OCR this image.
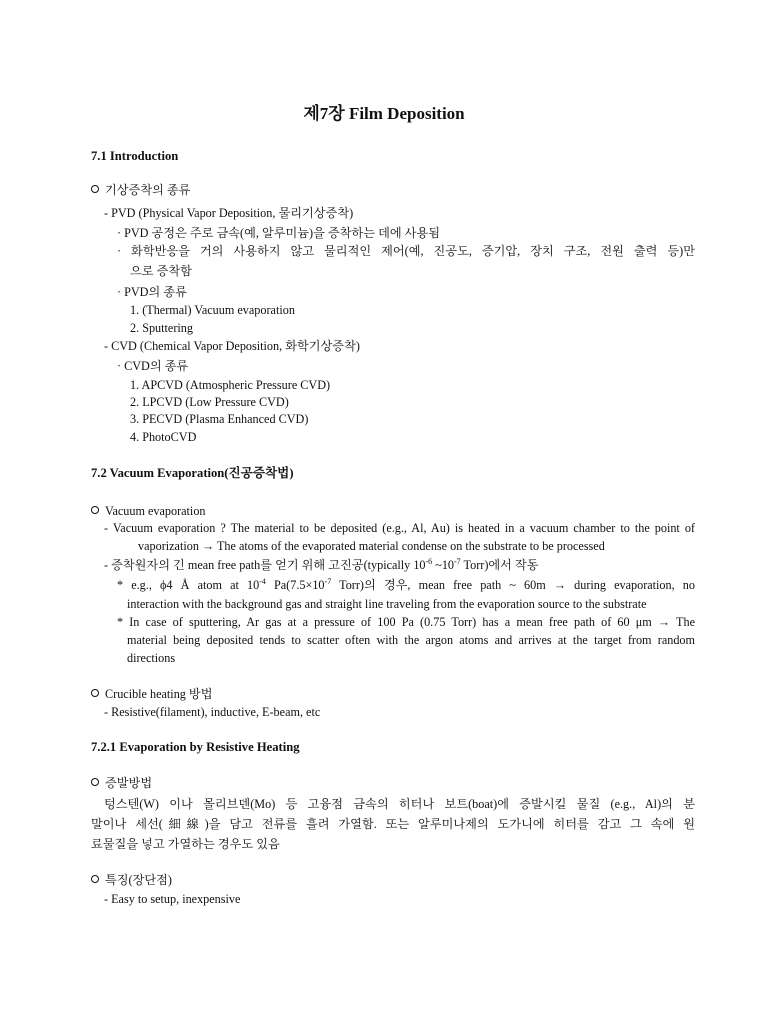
제7장 Film Deposition
7.1 Introduction
기상증착의 종류
- PVD (Physical Vapor Deposition, 물리기상증착)
· PVD 공정은 주로 금속(예, 알루미늄)을 증착하는 데에 사용됨
· 화학반응을 거의 사용하지 않고 물리적인 제어(예, 진공도, 증기압, 장치 구조, 전원 출력 등)만
으로 증착함
· PVD의 종류
1. (Thermal) Vacuum evaporation
2. Sputtering
- CVD (Chemical Vapor Deposition, 화학기상증착)
· CVD의 종류
1. APCVD (Atmospheric Pressure CVD)
2. LPCVD (Low Pressure CVD)
3. PECVD (Plasma Enhanced CVD)
4. PhotoCVD
7.2 Vacuum Evaporation(진공증착법)
Vacuum evaporation
- Vacuum evaporation ? The material to be deposited (e.g., Al, Au) is heated in a vacuum chamber to the point of
vaporization → The atoms of the evaporated material condense on the substrate to be processed
- 증착원자의 긴 mean free path를 얻기 위해 고진공(typically $10^{-6}$ $\sim 10^{-7}$ Torr)에서 작동
* e.g., ϕ4 Å atom at $10^{-4}$ $Pa(7.5\times 10^{-7}$ Torr)의 경우, mean free path ~ 60m → during evaporation, no
interaction with the background gas and straight line traveling from the evaporation source to the substrate
* In case of sputtering, Ar gas at a pressure of 100 Pa (0.75 Torr) has a mean free path of 60 μm → The
material being deposited tends to scatter often with the argon atoms and arrives at the target from random
directions
Crucible heating 방법
- Resistive(filament), inductive, E-beam, etc
7.2.1 Evaporation by Resistive Heating
증발방법
텅스텐(W) 이나 몰리브덴(Mo) 등 고융점 금속의 히터나 보트(boat)에 증발시킬 물질 (e.g., Al)의 분
말이나 세선(細線)을 담고 전류를 흘려 가열함. 또는 알루미나제의 도가니에 히터를 감고 그 속에 원
료물질을 넣고 가열하는 경우도 있음
특징(장단점)
- Easy to setup, inexpensive
